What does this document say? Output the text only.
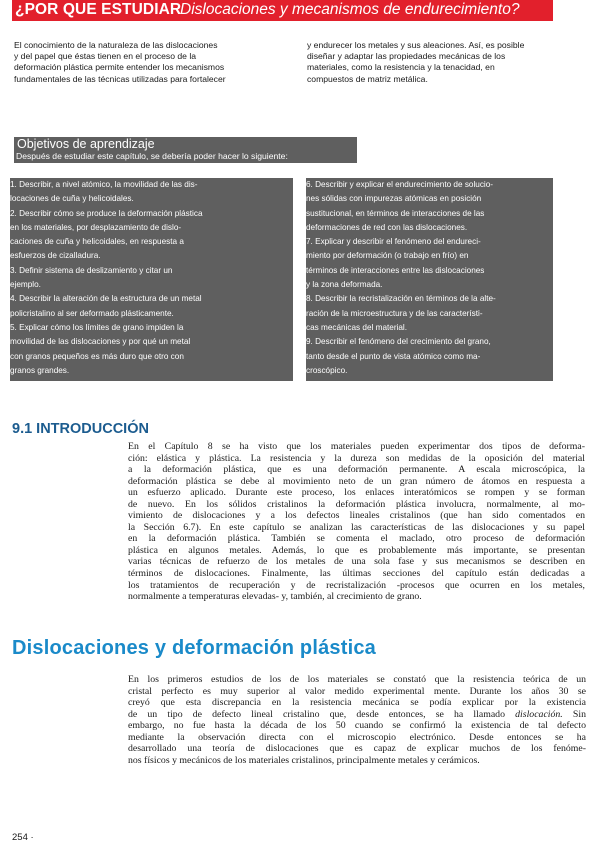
¿POR QUE ESTUDIAR
Dislocaciones y mecanismos de endurecimiento?
El conocimiento de la naturaleza de las dislocaciones
y del papel que éstas tienen en el proceso de la
deformación plástica permite entender los mecanismos
fundamentales de las técnicas utilizadas para fortalecer
y endurecer los metales y sus aleaciones. Así, es posible
diseñar y adaptar las propiedades mecánicas de los
materiales, como la resistencia y la tenacidad, en
compuestos de matriz metálica.
Objetivos de aprendizaje
Después de estudiar este capítulo, se debería poder hacer lo siguiente:
1. Describir, a nivel atómico, la movilidad de las dis-
locaciones de cuña y helicoidales.
2. Describir cómo se produce la deformación plástica
en los materiales, por desplazamiento de dislo-
caciones de cuña y helicoidales, en respuesta a
esfuerzos de cizalladura.
3. Definir sistema de deslizamiento y citar un
ejemplo.
4. Describir la alteración de la estructura de un metal
policristalino al ser deformado plásticamente.
5. Explicar cómo los límites de grano impiden la
movilidad de las dislocaciones y por qué un metal
con granos pequeños es más duro que otro con
granos grandes.
6. Describir y explicar el endurecimiento de solucio-
nes sólidas con impurezas atómicas en posición
sustitucional, en términos de interacciones de las
deformaciones de red con las dislocaciones.
7. Explicar y describir el fenómeno del endureci-
miento por deformación (o trabajo en frío) en
términos de interacciones entre las dislocaciones
y la zona deformada.
8. Describir la recristalización en términos de la alte-
ración de la microestructura y de las característi-
cas mecánicas del material.
9. Describir el fenómeno del crecimiento del grano,
tanto desde el punto de vista atómico como ma-
croscópico.
9.1 INTRODUCCIÓN
En el Capítulo 8 se ha visto que los materiales pueden experimentar dos tipos de deforma-
ción: elástica y plástica. La resistencia y la dureza son medidas de la oposición del material
a la deformación plástica, que es una deformación permanente. A escala microscópica, la
deformación plástica se debe al movimiento neto de un gran número de átomos en respuesta a
un esfuerzo aplicado. Durante este proceso, los enlaces interatómicos se rompen y se forman
de nuevo. En los sólidos cristalinos la deformación plástica involucra, normalmente, al mo-
vimiento de dislocaciones y a los defectos lineales cristalinos (que han sido comentados en
la Sección 6.7). En este capítulo se analizan las características de las dislocaciones y su papel
en la deformación plástica. También se comenta el maclado, otro proceso de deformación
plástica en algunos metales. Además, lo que es probablemente más importante, se presentan
varias técnicas de refuerzo de los metales de una sola fase y sus mecanismos se describen en
términos de dislocaciones. Finalmente, las últimas secciones del capítulo están dedicadas a
los tratamientos de recuperación y de recristalización -procesos que ocurren en los metales,
normalmente a temperaturas elevadas- y, también, al crecimiento de grano.
Dislocaciones y deformación plástica
En los primeros estudios de los de los materiales se constató que la resistencia teórica de un
cristal perfecto es muy superior al valor medido experimental mente. Durante los años 30 se
creyó que esta discrepancia en la resistencia mecánica se podía explicar por la existencia
de un tipo de defecto lineal cristalino que, desde entonces, se ha llamado dislocación. Sin
embargo, no fue hasta la década de los 50 cuando se confirmó la existencia de tal defecto
mediante la observación directa con el microscopio electrónico. Desde entonces se ha
desarrollado una teoría de dislocaciones que es capaz de explicar muchos de los fenóme-
nos físicos y mecánicos de los materiales cristalinos, principalmente metales y cerámicos.
254 ·
